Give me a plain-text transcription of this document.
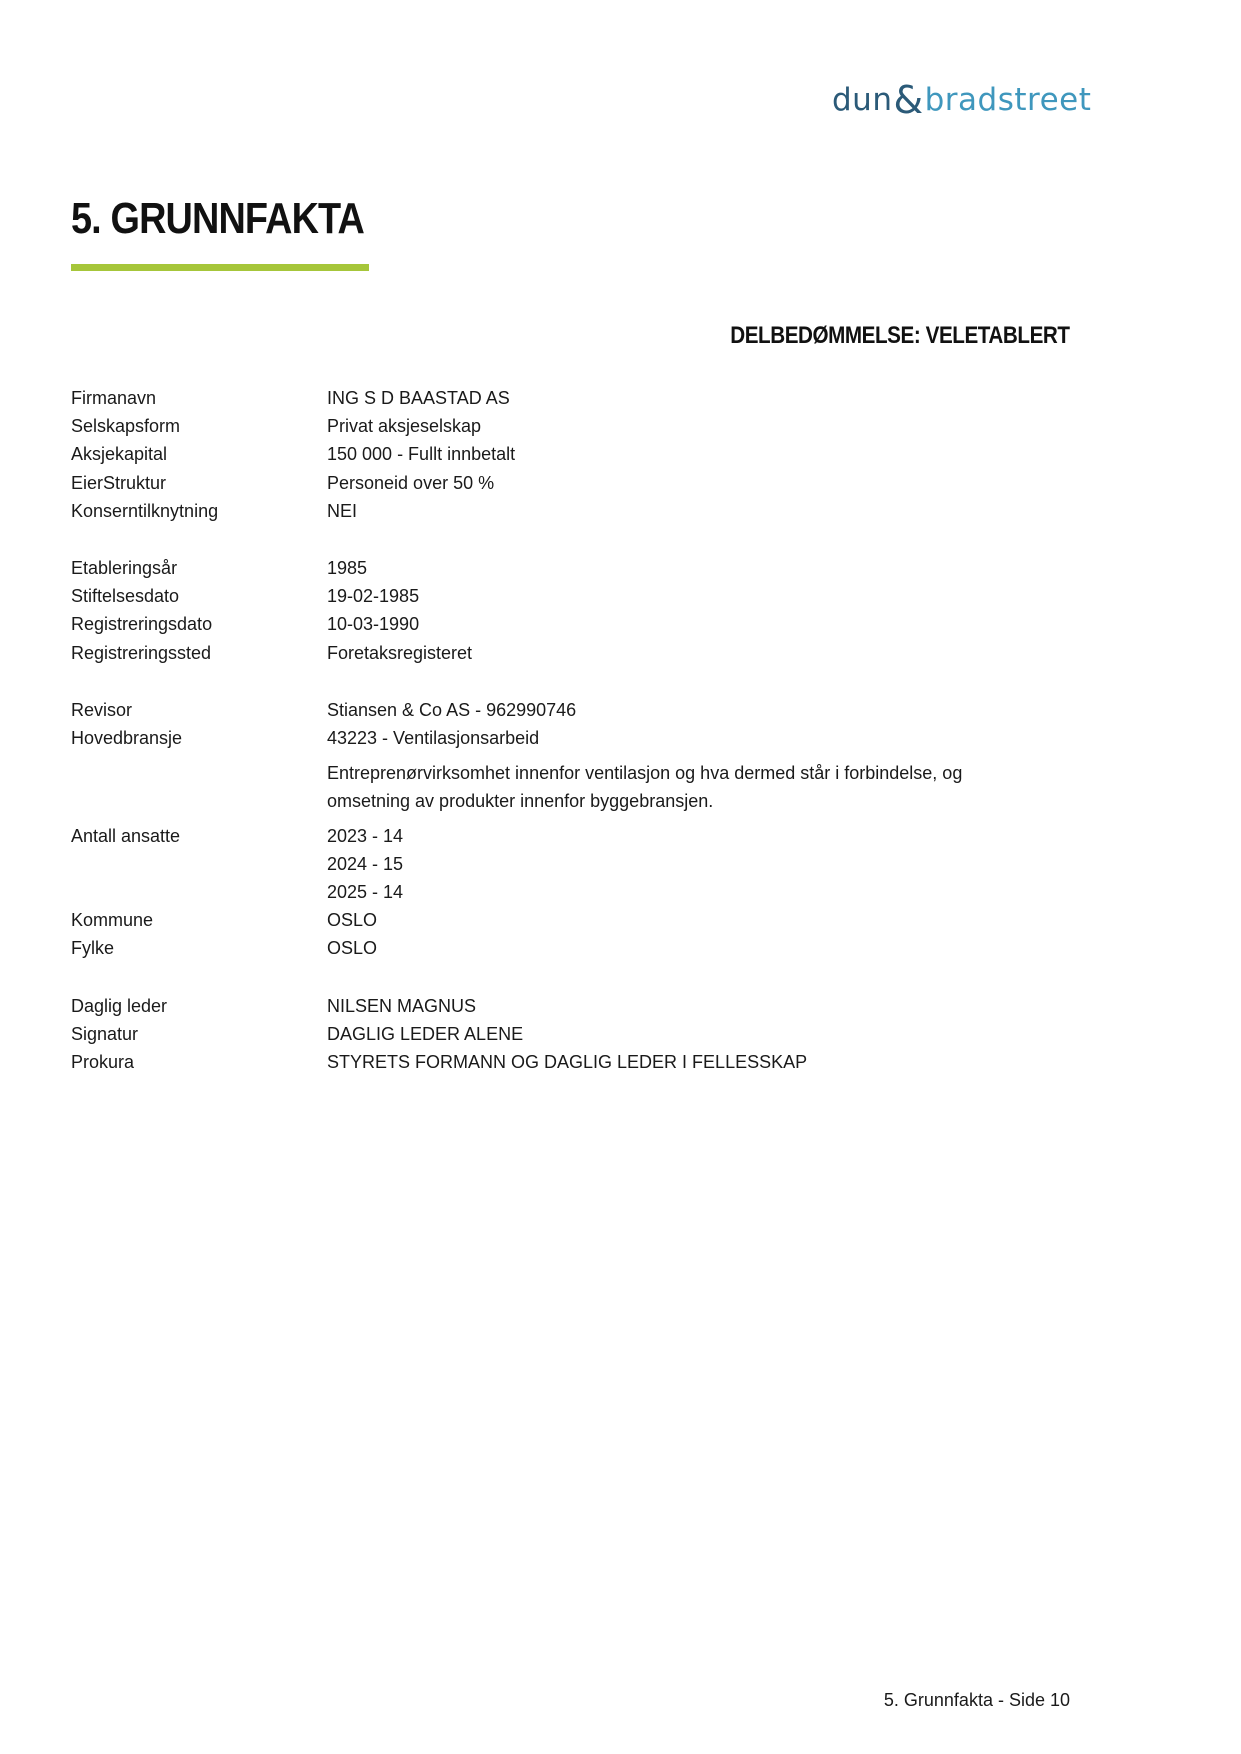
dun & bradstreet
5. GRUNNFAKTA
DELBEDØMMELSE: VELETABLERT
Firmanavn	ING S D BAASTAD AS
Selskapsform	Privat aksjeselskap
Aksjekapital	150 000 - Fullt innbetalt
EierStruktur	Personeid over 50 %
Konserntilknytning	NEI
Etableringsår	1985
Stiftelsesdato	19-02-1985
Registreringsdato	10-03-1990
Registreringssted	Foretaksregisteret
Revisor	Stiansen & Co AS - 962990746
Hovedbransje	43223 - Ventilasjonsarbeid
Entreprenørvirksomhet innenfor ventilasjon og hva dermed står i forbindelse, og omsetning av produkter innenfor byggebransjen.
Antall ansatte	2023 - 14
2024 - 15
2025 - 14
Kommune	OSLO
Fylke	OSLO
Daglig leder	NILSEN MAGNUS
Signatur	DAGLIG LEDER ALENE
Prokura	STYRETS FORMANN OG DAGLIG LEDER I FELLESSKAP
5. Grunnfakta - Side 10
